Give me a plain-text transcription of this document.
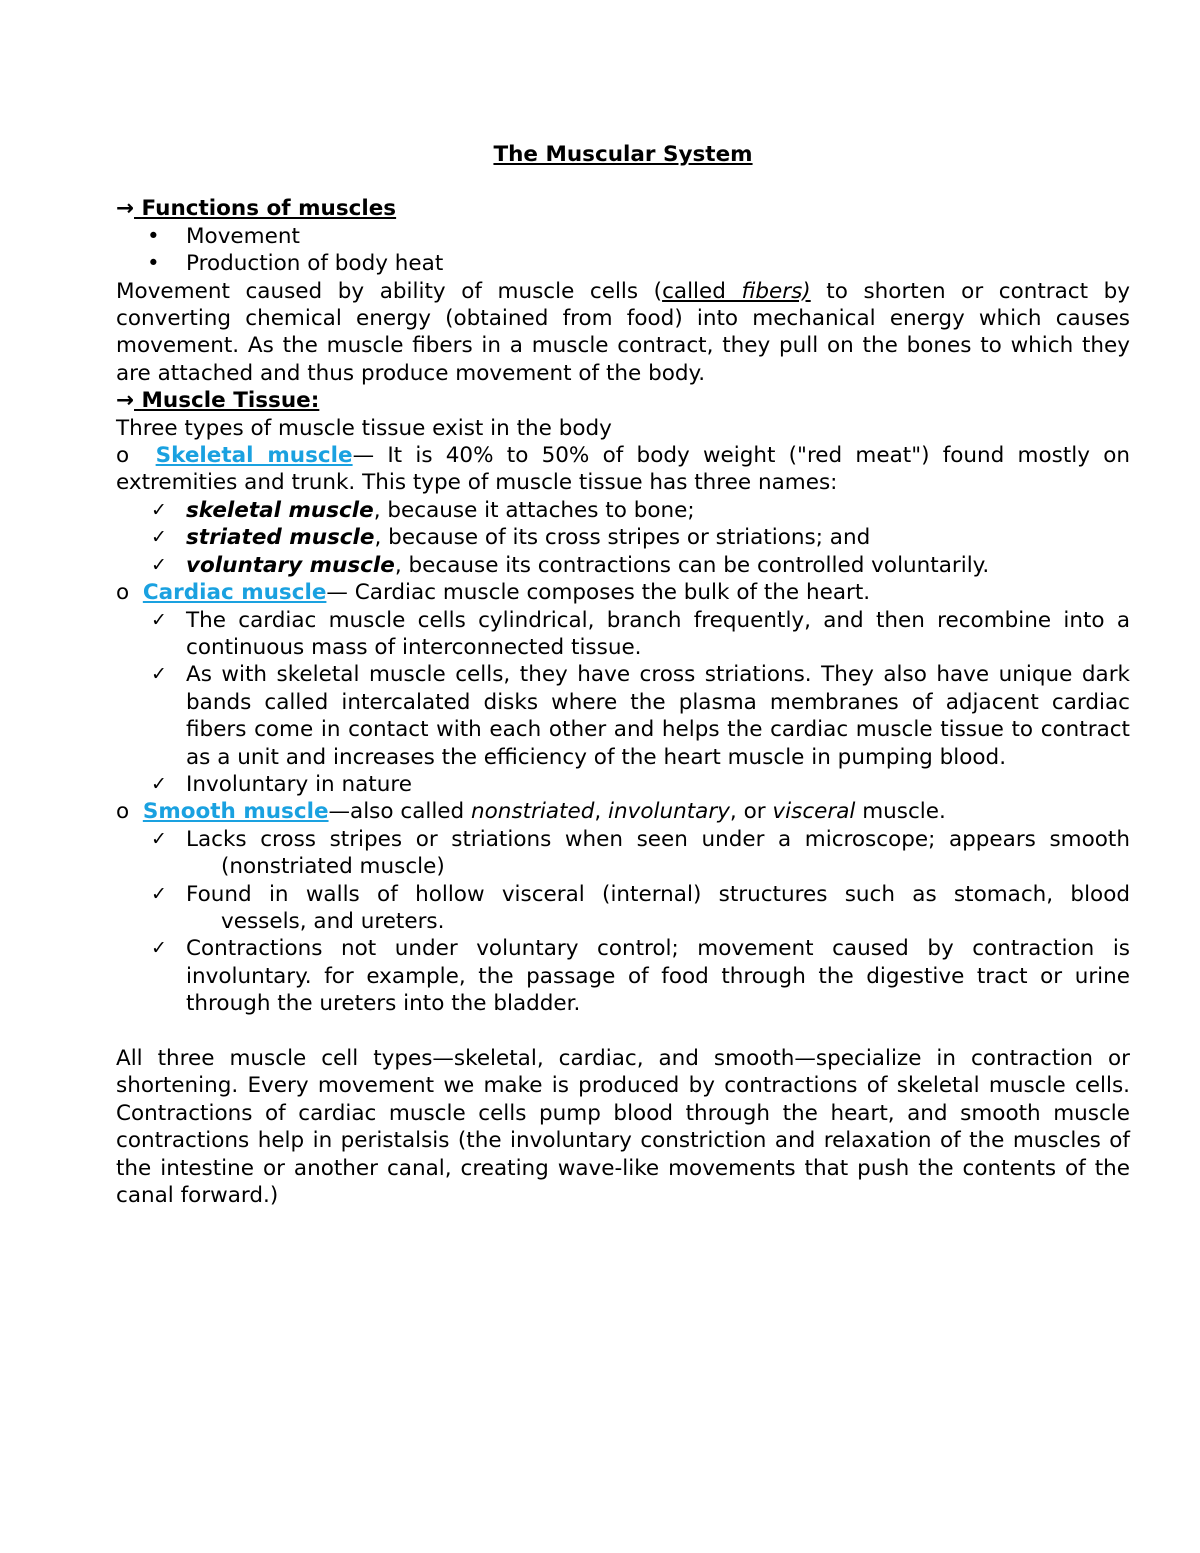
The Muscular System
→ Functions of muscles
• Movement
• Production of body heat
Movement caused by ability of muscle cells (called fibers) to shorten or contract by converting chemical energy (obtained from food) into mechanical energy which causes movement. As the muscle fibers in a muscle contract, they pull on the bones to which they are attached and thus produce movement of the body.
→ Muscle Tissue:
Three types of muscle tissue exist in the body
o Skeletal muscle— It is 40% to 50% of body weight ("red meat") found mostly on extremities and trunk. This type of muscle tissue has three names:
✓ skeletal muscle, because it attaches to bone;
✓ striated muscle, because of its cross stripes or striations; and
✓ voluntary muscle, because its contractions can be controlled voluntarily.
o Cardiac muscle— Cardiac muscle composes the bulk of the heart.
✓ The cardiac muscle cells cylindrical, branch frequently, and then recombine into a continuous mass of interconnected tissue.
✓ As with skeletal muscle cells, they have cross striations. They also have unique dark bands called intercalated disks where the plasma membranes of adjacent cardiac fibers come in contact with each other and helps the cardiac muscle tissue to contract as a unit and increases the efficiency of the heart muscle in pumping blood.
✓ Involuntary in nature
o Smooth muscle—also called nonstriated, involuntary, or visceral muscle.
✓ Lacks cross stripes or striations when seen under a microscope; appears smooth
(nonstriated muscle)
✓ Found in walls of hollow visceral (internal) structures such as stomach, blood
vessels, and ureters.
✓ Contractions not under voluntary control; movement caused by contraction is involuntary. for example, the passage of food through the digestive tract or urine through the ureters into the bladder.
All three muscle cell types—skeletal, cardiac, and smooth—specialize in contraction or shortening. Every movement we make is produced by contractions of skeletal muscle cells. Contractions of cardiac muscle cells pump blood through the heart, and smooth muscle contractions help in peristalsis (the involuntary constriction and relaxation of the muscles of the intestine or another canal, creating wave-like movements that push the contents of the canal forward.)
